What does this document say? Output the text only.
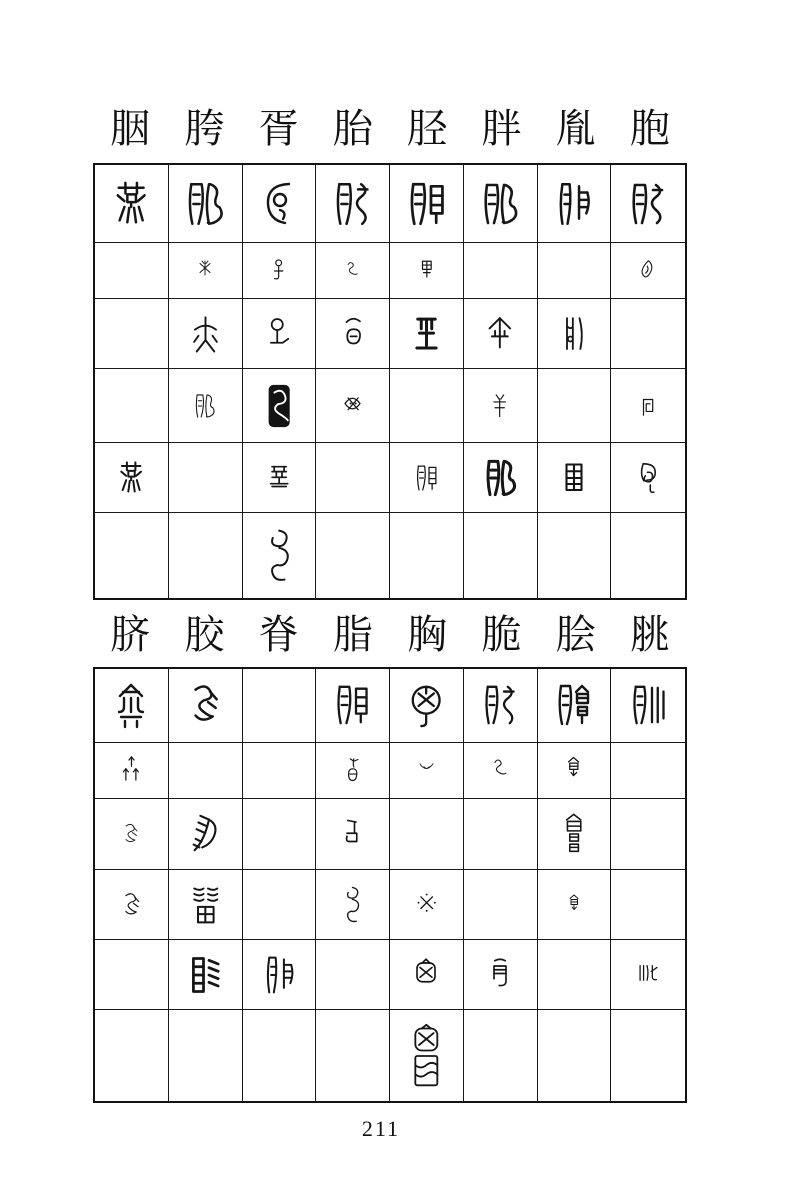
胭 胯 胥 胎 胫 胖 胤 胞
脐 胶 脊 脂 胸 脆 脍 脁
211
